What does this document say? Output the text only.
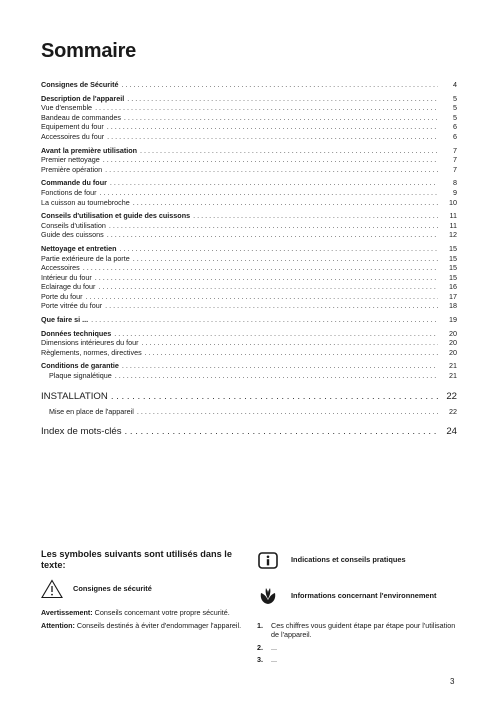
Sommaire
Consignes de Sécurité . . .	4
Description de l'appareil . . .	5
Vue d'ensemble . . .	5
Bandeau de commandes . . .	5
Equipement du four . . .	6
Accessoires du four . . .	6
Avant la première utilisation . . .	7
Premier nettoyage . . .	7
Première opération . . .	7
Commande du four . . .	8
Fonctions de four . . .	9
La cuisson au tournebroche . . .	10
Conseils d'utilisation et guide des cuissons . . .	11
Conseils d'utilisation . . .	11
Guide des cuissons . . .	12
Nettoyage et entretien . . .	15
Partie extérieure de la porte . . .	15
Accessoires . . .	15
Intérieur du four . . .	15
Eclairage du four . . .	16
Porte du four . . .	17
Porte vitrée du four . . .	18
Que faire si ... . . .	19
Données techniques . . .	20
Dimensions intérieures du four . . .	20
Règlements, normes, directives . . .	20
Conditions de garantie . . .	21
Plaque signalétique . . .	21
INSTALLATION . . .	22
Mise en place de l'appareil . . .	22
Index de mots-clés . . .	24
Les symboles suivants sont utilisés dans le texte:
Consignes de sécurité

Avertissement: Conseils concernant votre propre sécurité.

Attention: Conseils destinés à éviter d'endommager l'appareil.

Indications et conseils pratiques
Informations concernant l'environnement
1.	Ces chiffres vous guident étape par étape pour l'utilisation de l'appareil.
2.	...
3.	...
3
